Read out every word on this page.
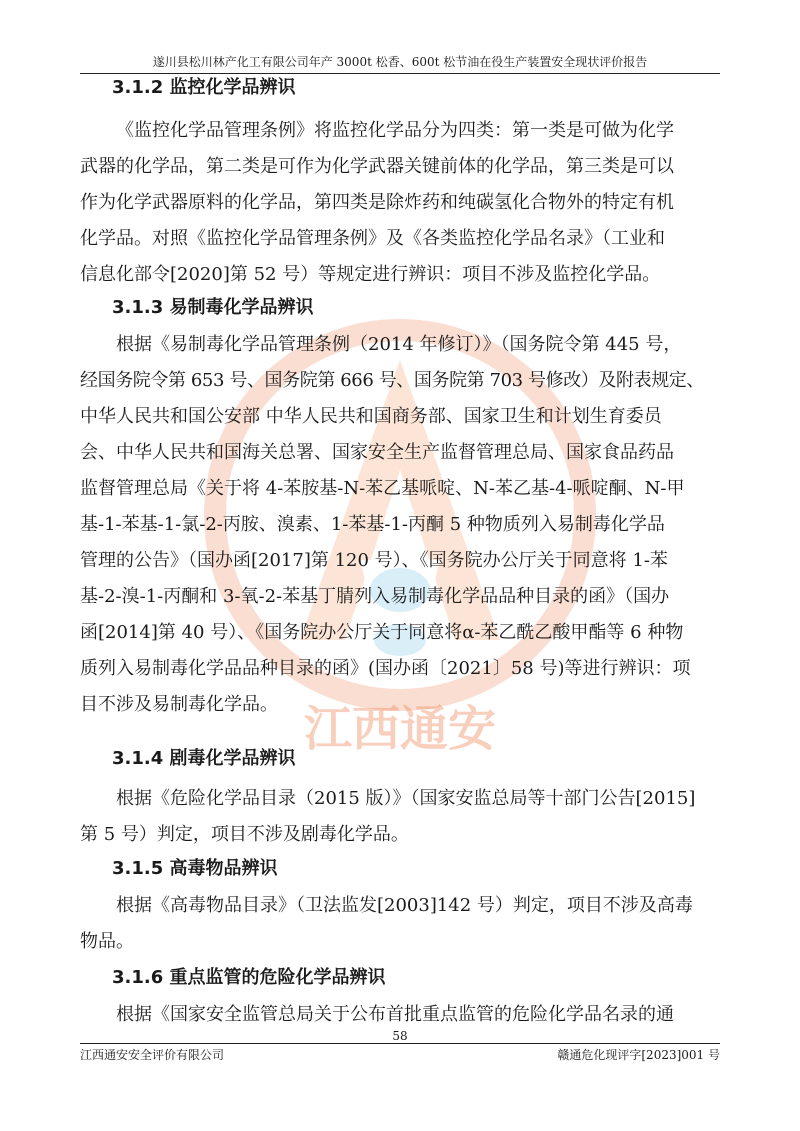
江西通安
遂川县松川林产化工有限公司年产 3000t 松香、600t 松节油在役生产装置安全现状评价报告
3.1.2 监控化学品辨识
《监控化学品管理条例》将监控化学品分为四类：第一类是可做为化学
武器的化学品，第二类是可作为化学武器关键前体的化学品，第三类是可以
作为化学武器原料的化学品，第四类是除炸药和纯碳氢化合物外的特定有机
化学品。对照《监控化学品管理条例》及《各类监控化学品名录》（工业和
信息化部令[2020]第 52 号）等规定进行辨识：项目不涉及监控化学品。
3.1.3 易制毒化学品辨识
根据《易制毒化学品管理条例（2014 年修订）》（国务院令第 445 号，
经国务院令第 653 号、国务院第 666 号、国务院第 703 号修改）及附表规定、
中华人民共和国公安部 中华人民共和国商务部、国家卫生和计划生育委员
会、中华人民共和国海关总署、国家安全生产监督管理总局、国家食品药品
监督管理总局《关于将 4-苯胺基-N-苯乙基哌啶、N-苯乙基-4-哌啶酮、N-甲
基-1-苯基-1-氯-2-丙胺、溴素、1-苯基-1-丙酮 5 种物质列入易制毒化学品
管理的公告》（国办函[2017]第 120 号）、《国务院办公厅关于同意将 1-苯
基-2-溴-1-丙酮和 3-氧-2-苯基丁腈列入易制毒化学品品种目录的函》（国办
函[2014]第 40 号）、《国务院办公厅关于同意将α-苯乙酰乙酸甲酯等 6 种物
质列入易制毒化学品品种目录的函》(国办函〔2021〕58 号)等进行辨识：项
目不涉及易制毒化学品。
3.1.4 剧毒化学品辨识
根据《危险化学品目录（2015 版）》（国家安监总局等十部门公告[2015]
第 5 号）判定，项目不涉及剧毒化学品。
3.1.5 高毒物品辨识
根据《高毒物品目录》（卫法监发[2003]142 号）判定，项目不涉及高毒
物品。
3.1.6 重点监管的危险化学品辨识
根据《国家安全监管总局关于公布首批重点监管的危险化学品名录的通
58
江西通安安全评价有限公司	赣通危化现评字[2023]001 号
